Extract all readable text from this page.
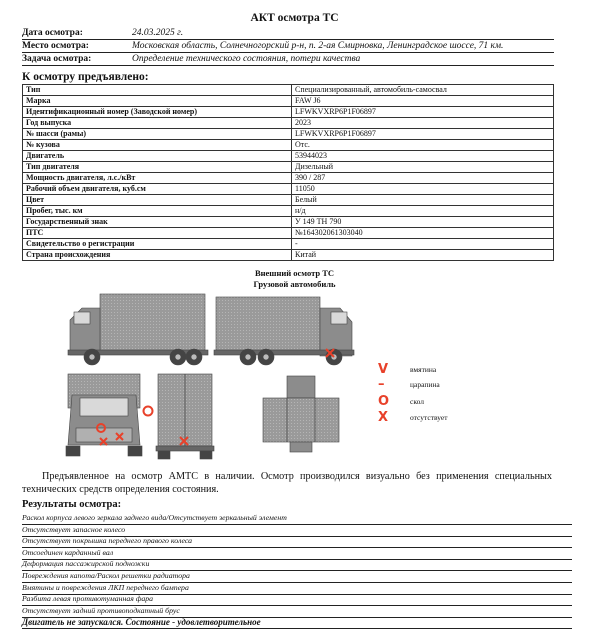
АКТ осмотра ТС
Дата осмотра:	24.03.2025 г.
Место осмотра:	Московская область, Солнечногорский р-н, п. 2-ая Смирновка, Ленинградское шоссе, 71 км.
Задача осмотра:	Определение технического состояния, потери качества
К осмотру предъявлено:
Тип	Специализированный, автомобиль-самосвал
Марка	FAW J6
Идентификационный номер (Заводской номер)	LFWKVXRP6P1F06897
Год выпуска	2023
№ шасси (рамы)	LFWKVXRP6P1F06897
№ кузова	Отс.
Двигатель	53944023
Тип двигателя	Дизельный
Мощность двигателя, л.с./кВт	390 / 287
Рабочий объем двигателя, куб.см	11050
Цвет	Белый
Пробег, тыс. км	н/д
Государственный знак	У 149 ТН 790
ПТС	№164302061303040
Свидетельство о регистрации	-
Страна происхождения	Китай
Внешний осмотр ТС
Грузовой автомобиль
V	вмятина
–	царапина
O	скол
X	отсутствует
Предъявленное на осмотр АМТС в наличии. Осмотр производился визуально без применения специальных технических средств определения состояния.
Результаты осмотра:
Раскол корпуса левого зеркала заднего вида/Отсутствует зеркальный элемент
Отсутствует запасное колесо
Отсутствует покрышка переднего правого колеса
Отсоединен карданный вал
Деформация пассажирской подножки
Повреждения капота/Раскол решетки радиатора
Вмятины и повреждения ЛКП переднего бампера
Разбита левая противотуманная фара
Отсутствует задний противоподкатный брус
Двигатель не запускался. Состояние - удовлетворительное
